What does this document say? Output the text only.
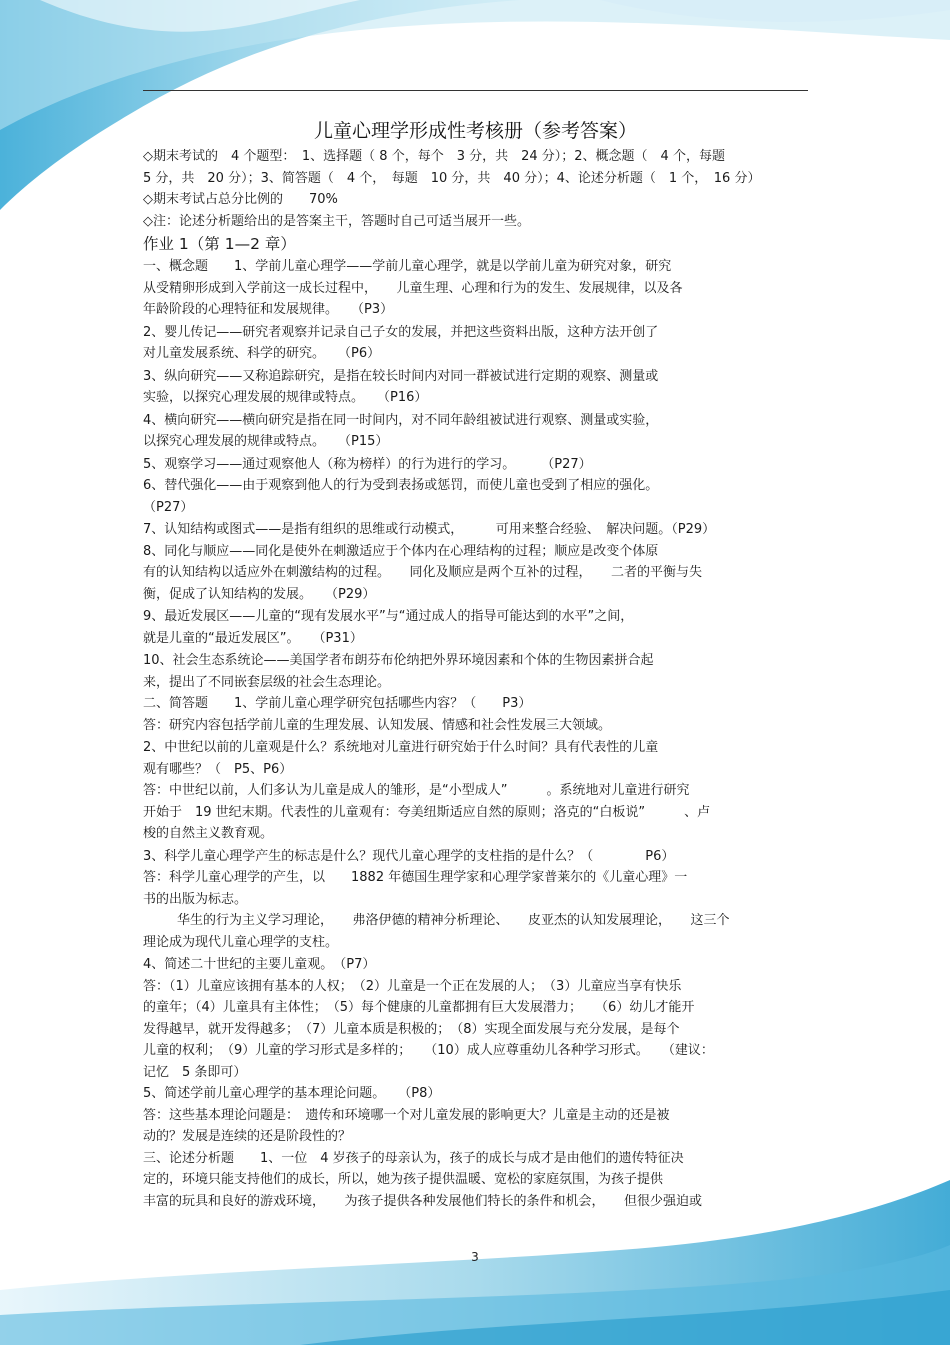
儿童心理学形成性考核册（参考答案）

◇期末考试的　4 个题型：　1、选择题（ 8 个，每个　3 分，共　24 分）；2、概念题（　4 个，每题

5 分，共　20 分）；3、简答题（　4 个，　每题　10 分，共　40 分）；4、论述分析题（　1 个，　16 分）

◇期末考试占总分比例的　　70%

◇注：论述分析题给出的是答案主干，答题时自己可适当展开一些。

作业 1（第 1—2 章）

一、概念题　　1、学前儿童心理学——学前儿童心理学，就是以学前儿童为研究对象，研究

从受精卵形成到入学前这一成长过程中，　　儿童生理、心理和行为的发生、发展规律，以及各

年龄阶段的心理特征和发展规律。　　（P3）

2、婴儿传记——研究者观察并记录自己子女的发展，并把这些资料出版，这种方法开创了

对儿童发展系统、科学的研究。　　（P6）

3、纵向研究——又称追踪研究，是指在较长时间内对同一群被试进行定期的观察、测量或

实验，以探究心理发展的规律或特点。　　（P16）

4、横向研究——横向研究是指在同一时间内，对不同年龄组被试进行观察、测量或实验，

以探究心理发展的规律或特点。　　（P15）

5、观察学习——通过观察他人（称为榜样）的行为进行的学习。　　　（P27）

6、替代强化——由于观察到他人的行为受到表扬或惩罚，而使儿童也受到了相应的强化。

（P27）

7、认知结构或图式——是指有组织的思维或行动模式，　　　可用来整合经验、　解决问题。（P29）

8、同化与顺应——同化是使外在刺激适应于个体内在心理结构的过程；顺应是改变个体原

有的认知结构以适应外在刺激结构的过程。　　同化及顺应是两个互补的过程，　　二者的平衡与失

衡，促成了认知结构的发展。　　（P29）

9、最近发展区——儿童的“现有发展水平”与“通过成人的指导可能达到的水平”之间，

就是儿童的“最近发展区”。　　（P31）

10、社会生态系统论——美国学者布朗芬布伦纳把外界环境因素和个体的生物因素拼合起

来，提出了不同嵌套层级的社会生态理论。

二、简答题　　1、学前儿童心理学研究包括哪些内容？（　　P3）

答：研究内容包括学前儿童的生理发展、认知发展、情感和社会性发展三大领域。

2、中世纪以前的儿童观是什么？系统地对儿童进行研究始于什么时间？具有代表性的儿童

观有哪些？（　P5、P6）

答：中世纪以前，人们多认为儿童是成人的雏形，是“小型成人”　　　。系统地对儿童进行研究

开始于　19 世纪末期。代表性的儿童观有：夸美纽斯适应自然的原则；洛克的“白板说”　　　、卢

梭的自然主义教育观。

3、科学儿童心理学产生的标志是什么？现代儿童心理学的支柱指的是什么？（　　　　P6）

答：科学儿童心理学的产生，以　　1882 年德国生理学家和心理学家普莱尔的《儿童心理》一

书的出版为标志。

华生的行为主义学习理论，　　弗洛伊德的精神分析理论、　　皮亚杰的认知发展理论，　　这三个

理论成为现代儿童心理学的支柱。

4、简述二十世纪的主要儿童观。　（P7）

答：（1）儿童应该拥有基本的人权；　（2）儿童是一个正在发展的人；　（3）儿童应当享有快乐

的童年；（4）儿童具有主体性；　（5）每个健康的儿童都拥有巨大发展潜力；　　（6）幼儿才能开

发得越早，就开发得越多；　（7）儿童本质是积极的；　（8）实现全面发展与充分发展，是每个

儿童的权利；　（9）儿童的学习形式是多样的；　　（10）成人应尊重幼儿各种学习形式。　　（建议：

记忆　5 条即可）

5、简述学前儿童心理学的基本理论问题。　　（P8）

答：这些基本理论问题是：　遗传和环境哪一个对儿童发展的影响更大？儿童是主动的还是被

动的？发展是连续的还是阶段性的？

三、论述分析题　　1、一位　4 岁孩子的母亲认为，孩子的成长与成才是由他们的遗传特征决

定的，环境只能支持他们的成长，所以，她为孩子提供温暖、宽松的家庭氛围，为孩子提供

丰富的玩具和良好的游戏环境，　　为孩子提供各种发展他们特长的条件和机会，　　但很少强迫或

3
